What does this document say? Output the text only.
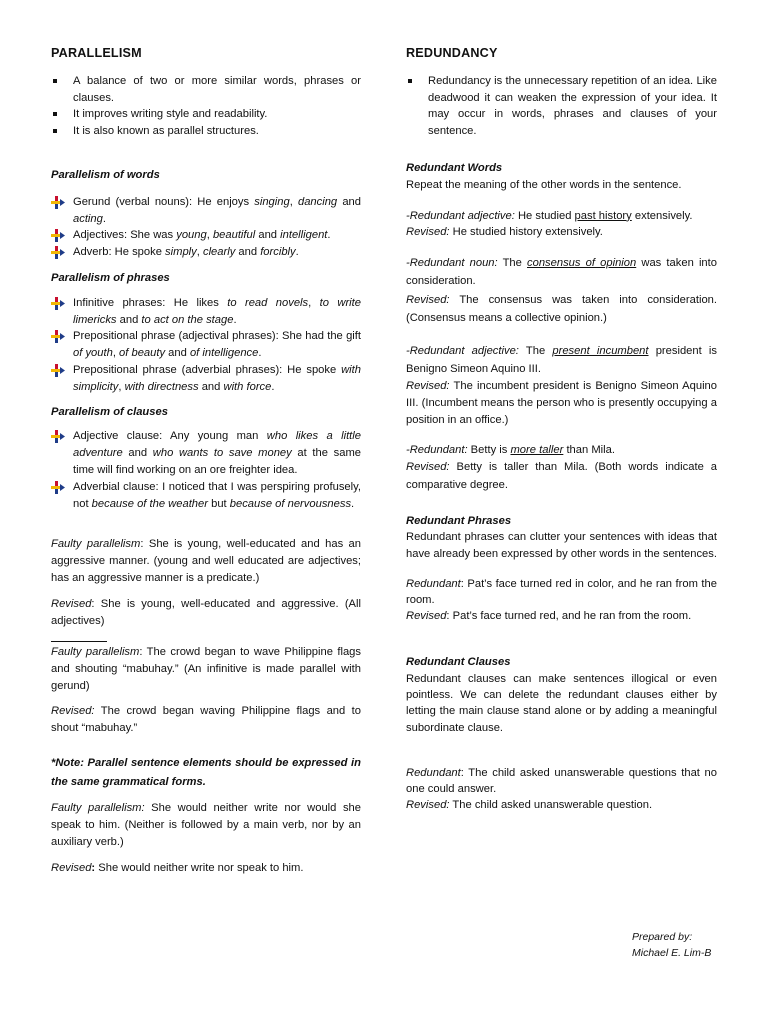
PARALLELISM
A balance of two or more similar words, phrases or clauses.
It improves writing style and readability.
It is also known as parallel structures.
Parallelism of words
Gerund (verbal nouns): He enjoys singing, dancing and acting.
Adjectives: She was young, beautiful and intelligent.
Adverb: He spoke simply, clearly and forcibly.
Parallelism of phrases
Infinitive phrases: He likes to read novels, to write limericks and to act on the stage.
Prepositional phrase (adjectival phrases): She had the gift of youth, of beauty and of intelligence.
Prepositional phrase (adverbial phrases): He spoke with simplicity, with directness and with force.
Parallelism of clauses
Adjective clause: Any young man who likes a little adventure and who wants to save money at the same time will find working on an ore freighter idea.
Adverbial clause: I noticed that I was perspiring profusely, not because of the weather but because of nervousness.

Faulty parallelism: She is young, well-educated and has an aggressive manner. (young and well educated are adjectives; has an aggressive manner is a predicate.)

Revised: She is young, well-educated and aggressive. (All adjectives)

Faulty parallelism: The crowd began to wave Philippine flags and shouting “mabuhay.” (An infinitive is made parallel with gerund)

Revised: The crowd began waving Philippine flags and to shout “mabuhay.”

*Note: Parallel sentence elements should be expressed in the same grammatical forms.

Faulty parallelism: She would neither write nor would she speak to him. (Neither is followed by a main verb, nor by an auxiliary verb.)

Revised: She would neither write nor speak to him.

REDUNDANCY
Redundancy is the unnecessary repetition of an idea. Like deadwood it can weaken the expression of your idea. It may occur in words, phrases and clauses of your sentence.
Redundant Words

Repeat the meaning of the other words in the sentence.

-Redundant adjective: He studied past history extensively.

Revised: He studied history extensively.

-Redundant noun: The consensus of opinion was taken into consideration.

Revised: The consensus was taken into consideration. (Consensus means a collective opinion.)

-Redundant adjective: The present incumbent president is Benigno Simeon Aquino III.

Revised: The incumbent president is Benigno Simeon Aquino III. (Incumbent means the person who is presently occupying a position in an office.)

-Redundant: Betty is more taller than Mila.

Revised: Betty is taller than Mila. (Both words indicate a comparative degree.

Redundant Phrases

Redundant phrases can clutter your sentences with ideas that have already been expressed by other words in the sentences.

Redundant: Pat’s face turned red in color, and he ran from the room.

Revised: Pat’s face turned red, and he ran from the room.

Redundant Clauses

Redundant clauses can make sentences illogical or even pointless. We can delete the redundant clauses either by letting the main clause stand alone or by adding a meaningful subordinate clause.

Redundant: The child asked unanswerable questions that no one could answer.

Revised: The child asked unanswerable question.

Prepared by:
Michael E. Lim-B
